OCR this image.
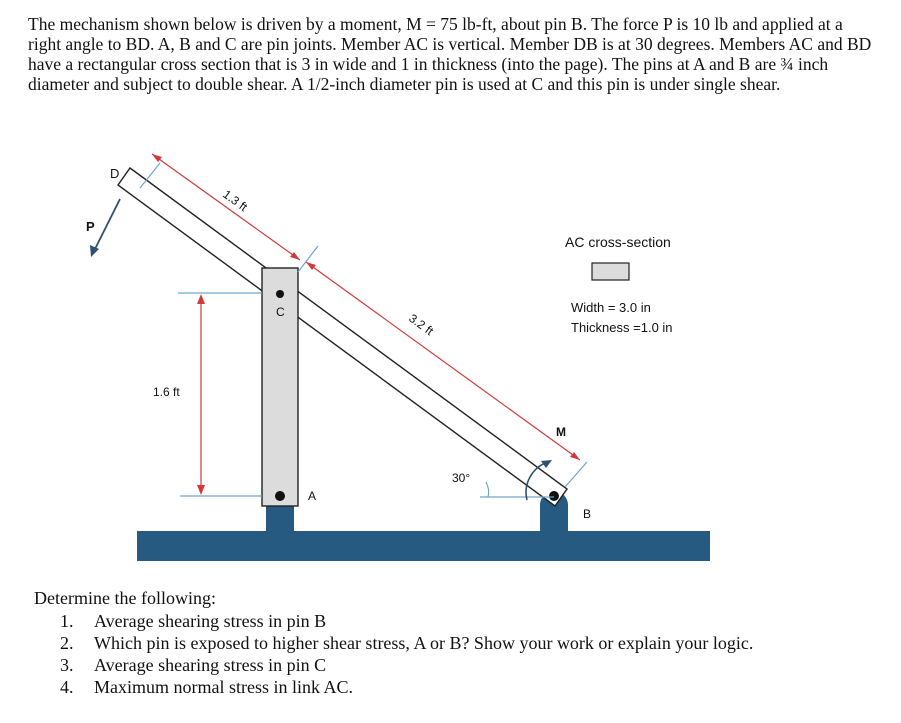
The mechanism shown below is driven by a moment, M = 75 lb-ft, about pin B. The force P is 10 lb and applied at a right angle to BD. A, B and C are pin joints. Member AC is vertical. Member DB is at 30 degrees. Members AC and BD have a rectangular cross section that is 3 in wide and 1 in thickness (into the page). The pins at A and B are ¾ inch diameter and subject to double shear. A 1/2-inch diameter pin is used at C and this pin is under single shear.

D
P
C
A
B
M
1.3 ft
3.2 ft
1.6 ft
30°
AC cross-section
Width = 3.0 in
Thickness =1.0 in
Determine the following:
1. Average shearing stress in pin B
2. Which pin is exposed to higher shear stress, A or B? Show your work or explain your logic.
3. Average shearing stress in pin C
4. Maximum normal stress in link AC.
